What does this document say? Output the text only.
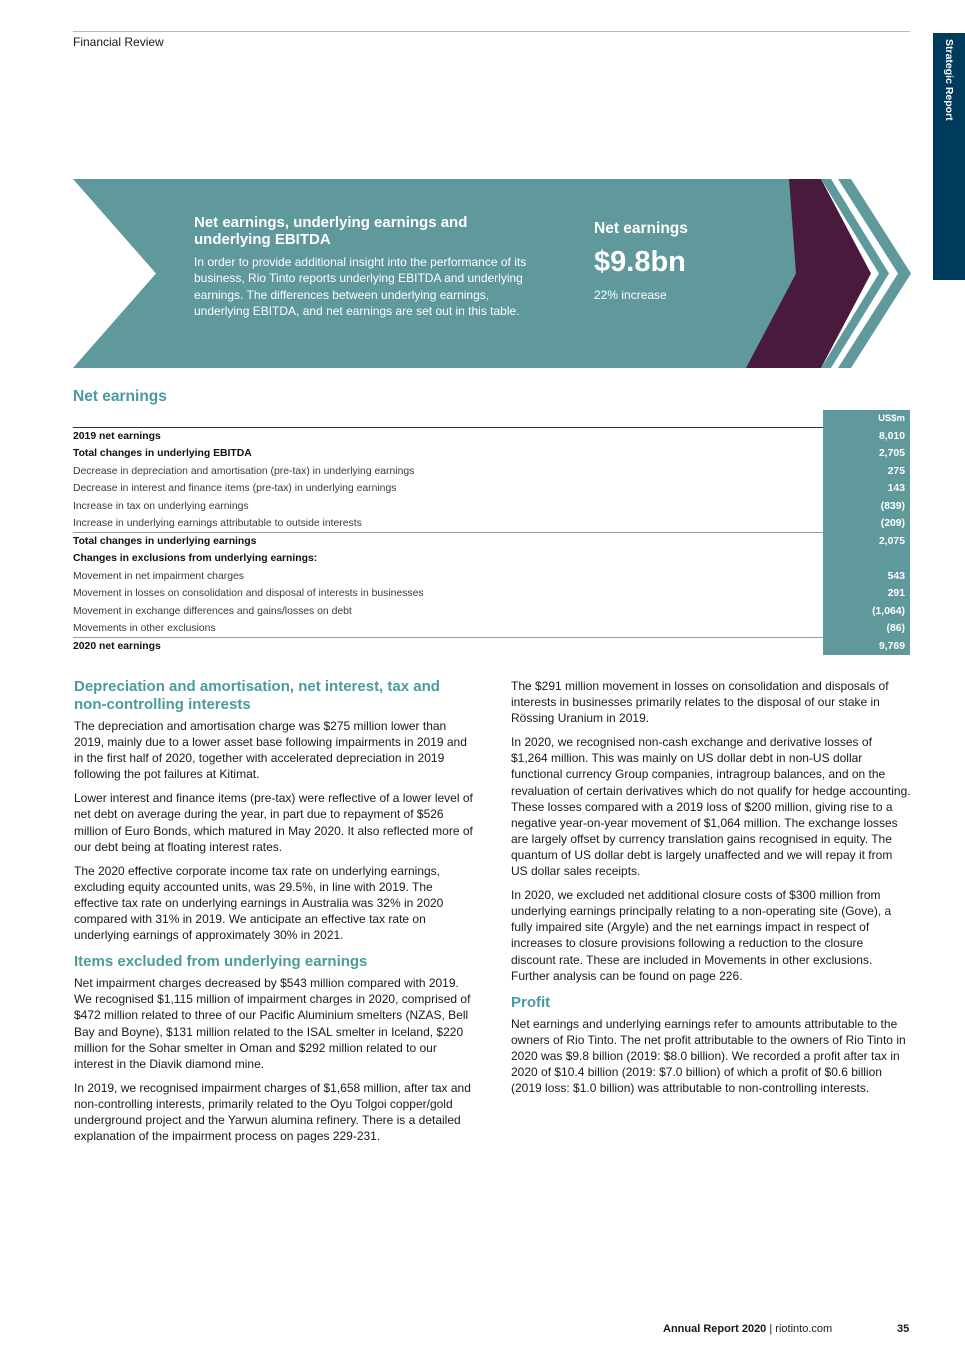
Financial Review	Strategic Report
Net earnings, underlying earnings and underlying EBITDA
In order to provide additional insight into the performance of its business, Rio Tinto reports underlying EBITDA and underlying earnings. The differences between underlying earnings, underlying EBITDA, and net earnings are set out in this table.
Net earnings
$9.8bn
22% increase
Net earnings
US$m
2019 net earnings	8,010
Total changes in underlying EBITDA	2,705
Decrease in depreciation and amortisation (pre-tax) in underlying earnings	275
Decrease in interest and finance items (pre-tax) in underlying earnings	143
Increase in tax on underlying earnings	(839)
Increase in underlying earnings attributable to outside interests	(209)
Total changes in underlying earnings	2,075
Changes in exclusions from underlying earnings:
Movement in net impairment charges	543
Movement in losses on consolidation and disposal of interests in businesses	291
Movement in exchange differences and gains/losses on debt	(1,064)
Movements in other exclusions	(86)
2020 net earnings	9,769
Depreciation and amortisation, net interest, tax and non-controlling interests

The depreciation and amortisation charge was $275 million lower than 2019, mainly due to a lower asset base following impairments in 2019 and in the first half of 2020, together with accelerated depreciation in 2019 following the pot failures at Kitimat.

Lower interest and finance items (pre-tax) were reflective of a lower level of net debt on average during the year, in part due to repayment of $526 million of Euro Bonds, which matured in May 2020. It also reflected more of our debt being at floating interest rates.

The 2020 effective corporate income tax rate on underlying earnings, excluding equity accounted units, was 29.5%, in line with 2019. The effective tax rate on underlying earnings in Australia was 32% in 2020 compared with 31% in 2019. We anticipate an effective tax rate on underlying earnings of approximately 30% in 2021.

Items excluded from underlying earnings

Net impairment charges decreased by $543 million compared with 2019. We recognised $1,115 million of impairment charges in 2020, comprised of $472 million related to three of our Pacific Aluminium smelters (NZAS, Bell Bay and Boyne), $131 million related to the ISAL smelter in Iceland, $220 million for the Sohar smelter in Oman and $292 million related to our interest in the Diavik diamond mine.

In 2019, we recognised impairment charges of $1,658 million, after tax and non-controlling interests, primarily related to the Oyu Tolgoi copper/gold underground project and the Yarwun alumina refinery. There is a detailed explanation of the impairment process on pages 229-231.

The $291 million movement in losses on consolidation and disposals of interests in businesses primarily relates to the disposal of our stake in Rössing Uranium in 2019.

In 2020, we recognised non-cash exchange and derivative losses of $1,264 million. This was mainly on US dollar debt in non-US dollar functional currency Group companies, intragroup balances, and on the revaluation of certain derivatives which do not qualify for hedge accounting. These losses compared with a 2019 loss of $200 million, giving rise to a negative year-on-year movement of $1,064 million. The exchange losses are largely offset by currency translation gains recognised in equity. The quantum of US dollar debt is largely unaffected and we will repay it from US dollar sales receipts.

In 2020, we excluded net additional closure costs of $300 million from underlying earnings principally relating to a non-operating site (Gove), a fully impaired site (Argyle) and the net earnings impact in respect of increases to closure provisions following a reduction to the closure discount rate. These are included in Movements in other exclusions. Further analysis can be found on page 226.

Profit

Net earnings and underlying earnings refer to amounts attributable to the owners of Rio Tinto. The net profit attributable to the owners of Rio Tinto in 2020 was $9.8 billion (2019: $8.0 billion). We recorded a profit after tax in 2020 of $10.4 billion (2019: $7.0 billion) of which a profit of $0.6 billion (2019 loss: $1.0 billion) was attributable to non-controlling interests.

Annual Report 2020 | riotinto.com	35
